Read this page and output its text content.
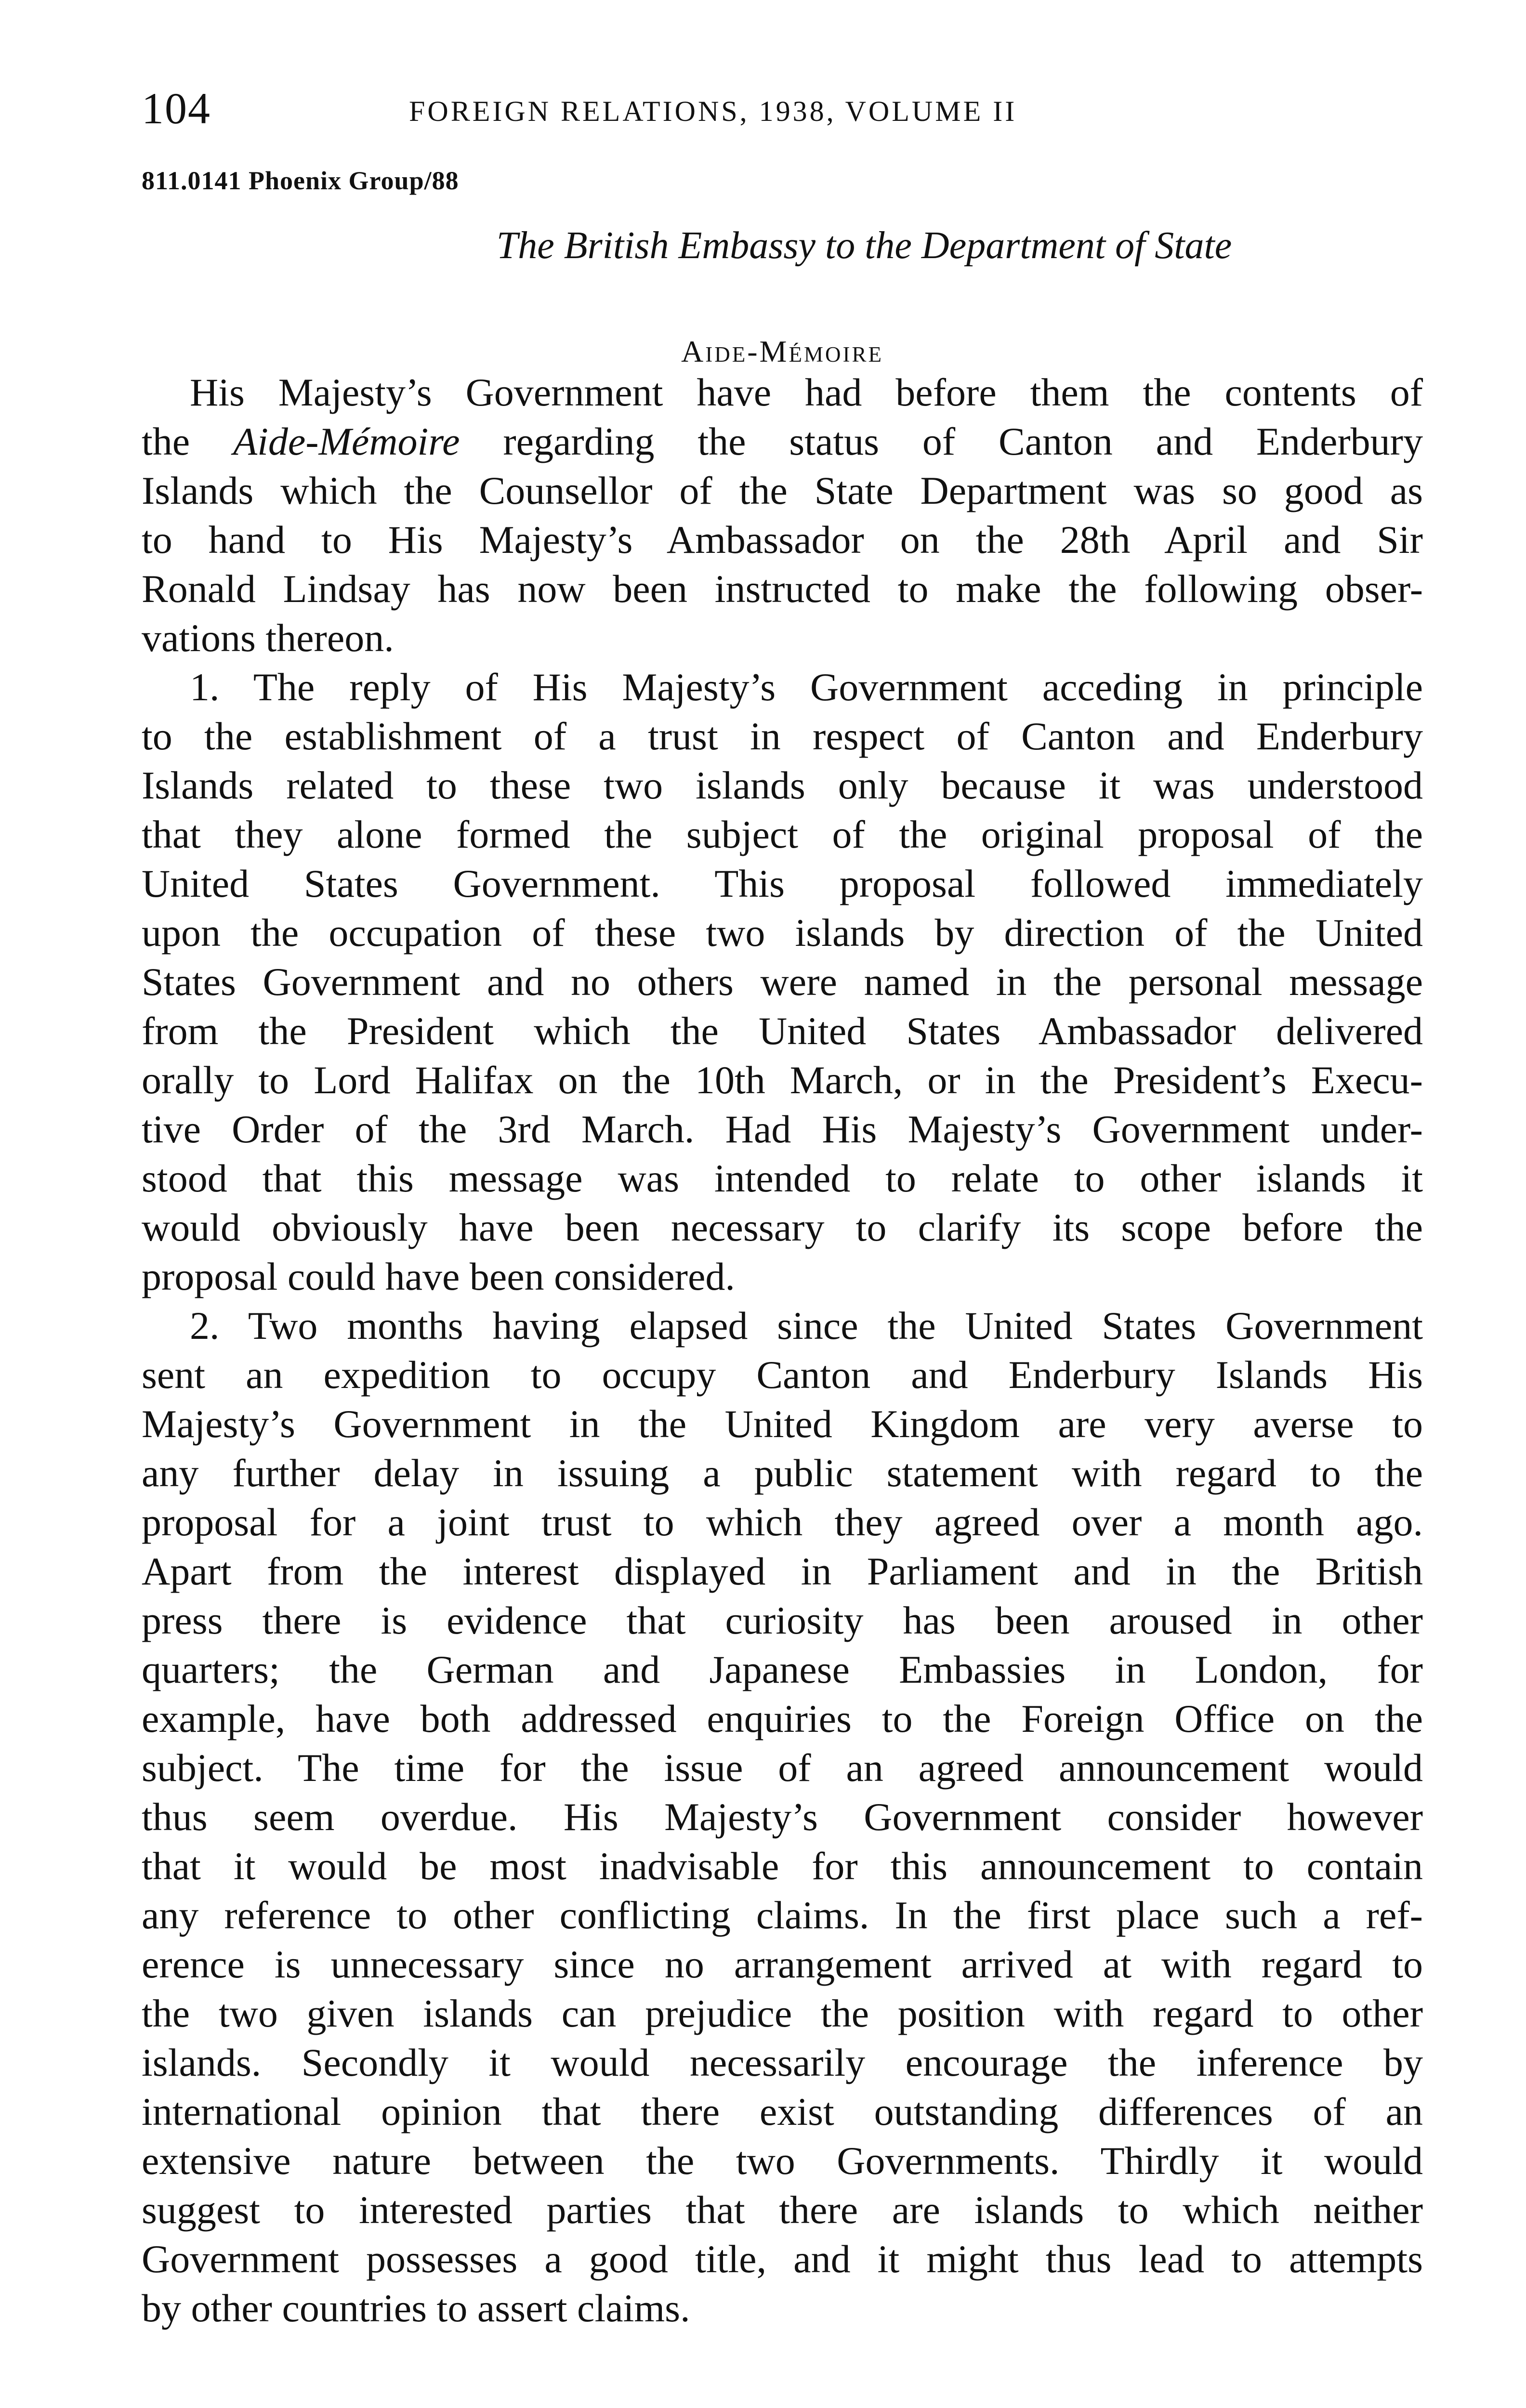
104	FOREIGN RELATIONS, 1938, VOLUME II
811.0141 Phoenix Group/88
The British Embassy to the Department of State
Aide-Mémoire
His Majesty’s Government have had before them the contents of
the Aide-Mémoire regarding the status of Canton and Enderbury
Islands which the Counsellor of the State Department was so good as
to hand to His Majesty’s Ambassador on the 28th April and Sir
Ronald Lindsay has now been instructed to make the following obser-
vations thereon.
1. The reply of His Majesty’s Government acceding in principle
to the establishment of a trust in respect of Canton and Enderbury
Islands related to these two islands only because it was understood
that they alone formed the subject of the original proposal of the
United States Government. This proposal followed immediately
upon the occupation of these two islands by direction of the United
States Government and no others were named in the personal message
from the President which the United States Ambassador delivered
orally to Lord Halifax on the 10th March, or in the President’s Execu-
tive Order of the 3rd March. Had His Majesty’s Government under-
stood that this message was intended to relate to other islands it
would obviously have been necessary to clarify its scope before the
proposal could have been considered.
2. Two months having elapsed since the United States Government
sent an expedition to occupy Canton and Enderbury Islands His
Majesty’s Government in the United Kingdom are very averse to
any further delay in issuing a public statement with regard to the
proposal for a joint trust to which they agreed over a month ago.
Apart from the interest displayed in Parliament and in the British
press there is evidence that curiosity has been aroused in other
quarters; the German and Japanese Embassies in London, for
example, have both addressed enquiries to the Foreign Office on the
subject. The time for the issue of an agreed announcement would
thus seem overdue. His Majesty’s Government consider however
that it would be most inadvisable for this announcement to contain
any reference to other conflicting claims. In the first place such a ref-
erence is unnecessary since no arrangement arrived at with regard to
the two given islands can prejudice the position with regard to other
islands. Secondly it would necessarily encourage the inference by
international opinion that there exist outstanding differences of an
extensive nature between the two Governments. Thirdly it would
suggest to interested parties that there are islands to which neither
Government possesses a good title, and it might thus lead to attempts
by other countries to assert claims.
